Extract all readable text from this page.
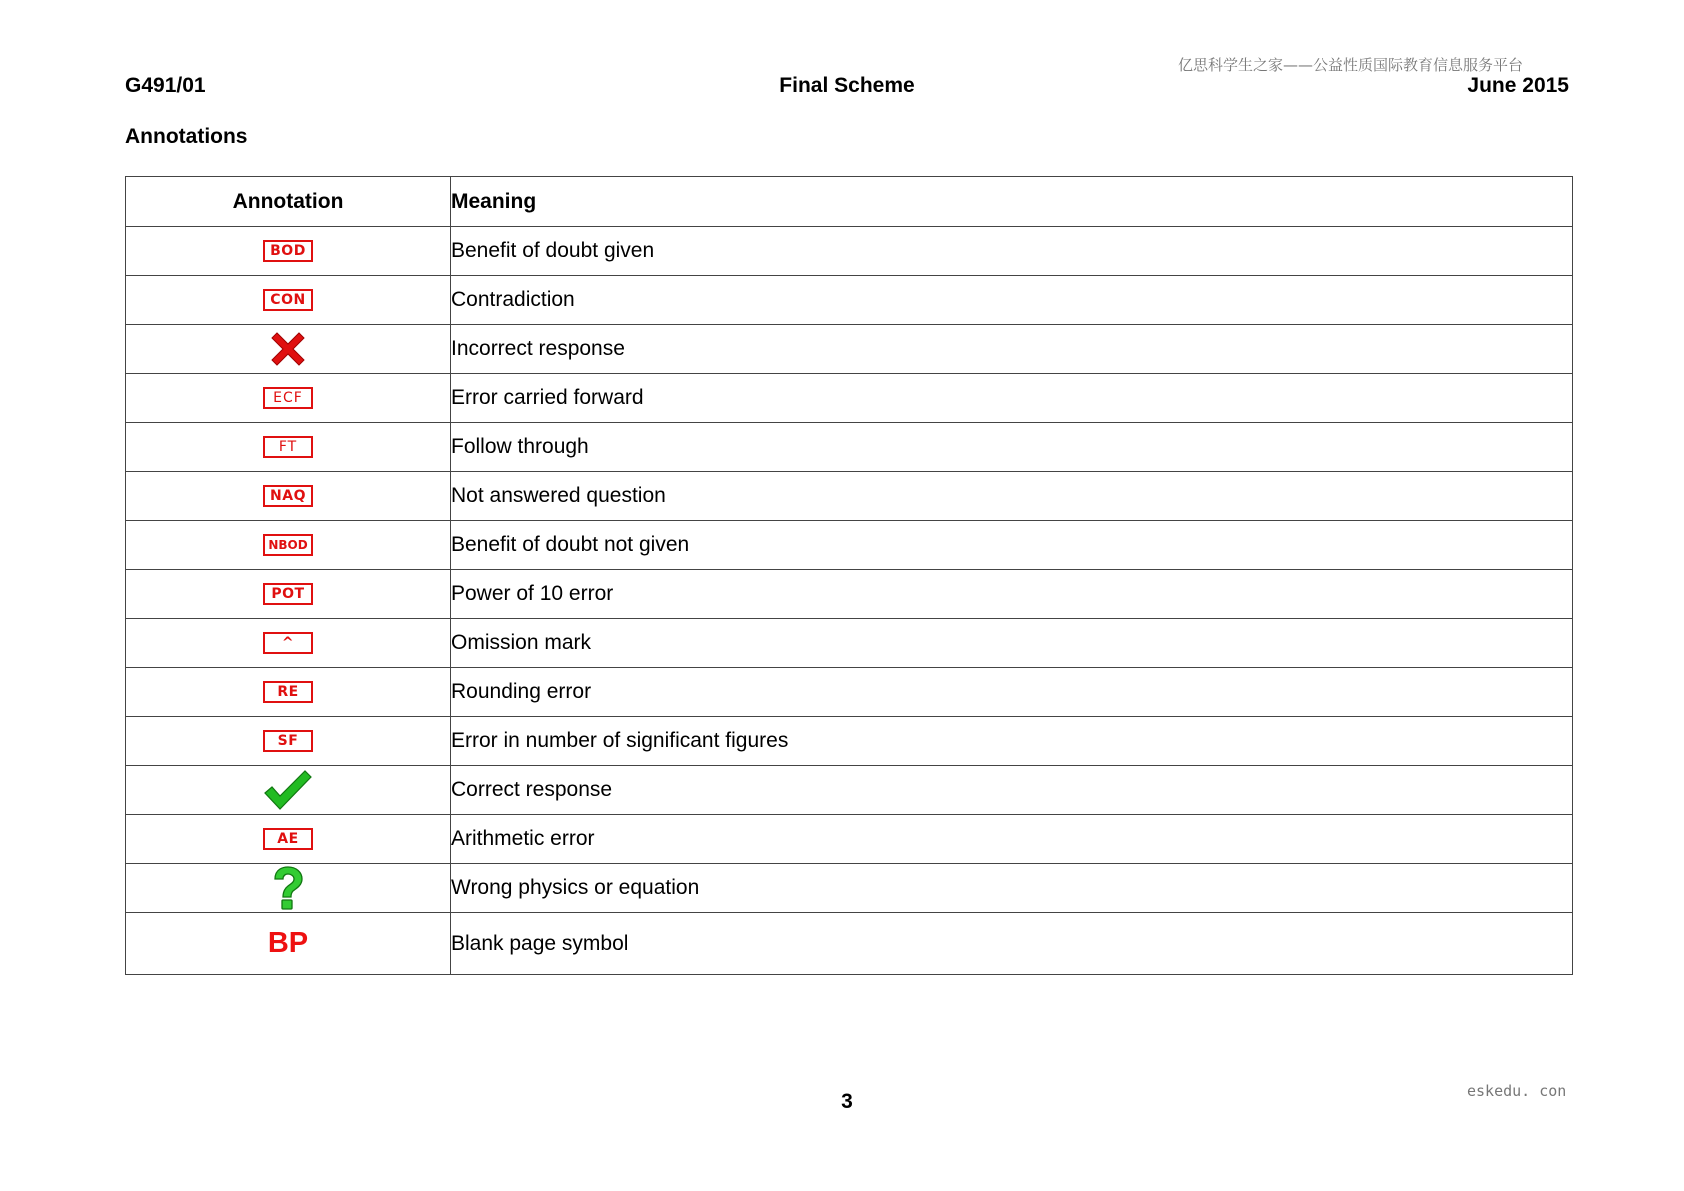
亿思科学生之家——公益性质国际教育信息服务平台
G491/01	Final Scheme	June 2015
Annotations
Annotation	Meaning
BOD	Benefit of doubt given
CON	Contradiction
	Incorrect response
ECF	Error carried forward
FT	Follow through
NAQ	Not answered question
NBOD	Benefit of doubt not given
POT	Power of 10 error
^	Omission mark
RE	Rounding error
SF	Error in number of significant figures
	Correct response
AE	Arithmetic error
	Wrong physics or equation
BP	Blank page symbol
3	eskedu. con
